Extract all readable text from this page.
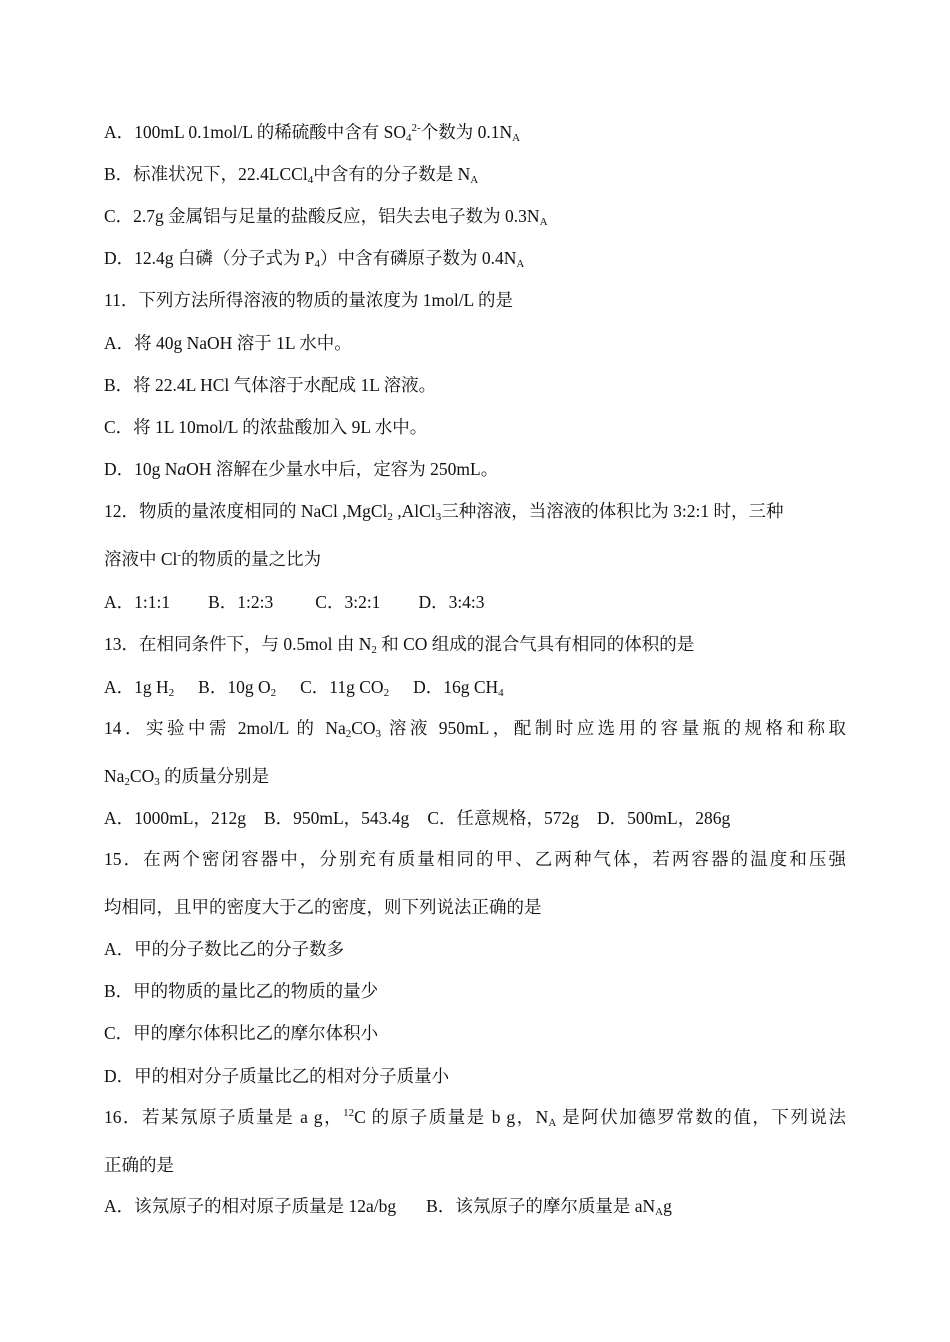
A．100mL 0.1mol/L 的稀硫酸中含有 $SO_4^{2-}$个数为 $0.1N_A$
B．标准状况下，22.4LCCl$_4$中含有的分子数是 $N_A$
C．2.7g 金属铝与足量的盐酸反应，铝失去电子数为 $0.3N_A$
D．12.4g 白磷（分子式为 $P_4$）中含有磷原子数为 $0.4N_A$
11．下列方法所得溶液的物质的量浓度为 1mol/L 的是
A．将 40g NaOH 溶于 1L 水中。
B．将 22.4L HCl 气体溶于水配成 1L 溶液。
C．将 1L 10mol/L 的浓盐酸加入 9L 水中。
D．10g NaOH 溶解在少量水中后，定容为 250mL。
12．物质的量浓度相同的 NaCl ,MgCl$_2$ ,AlCl$_3$三种溶液，当溶液的体积比为 3:2:1 时，三种
溶液中 Cl-的物质的量之比为
A．1:1:1 B．1:2:3 C．3:2:1 D．3:4:3
13．在相同条件下，与 0.5mol 由 $N_2$ 和 CO 组成的混合气具有相同的体积的是
A．1g $H_2$ B．10g $O_2$ C．11g $CO_2$ D．16g $CH_4$
14．实验中需 2mol/L 的 $Na_2CO_3$ 溶液 950mL，配制时应选用的容量瓶的规格和称取
$Na_2CO_3$ 的质量分别是
A．1000mL，212g B．950mL，543.4g C．任意规格，572g D．500mL，286g
15．在两个密闭容器中，分别充有质量相同的甲、乙两种气体，若两容器的温度和压强
均相同，且甲的密度大于乙的密度，则下列说法正确的是
A．甲的分子数比乙的分子数多
B．甲的物质的量比乙的物质的量少
C．甲的摩尔体积比乙的摩尔体积小
D．甲的相对分子质量比乙的相对分子质量小
16．若某氖原子质量是 a g，$^{12}$C 的原子质量是 b g，$N_A$ 是阿伏加德罗常数的值，下列说法
正确的是
A．该氖原子的相对原子质量是 12a/bg B．该氖原子的摩尔质量是 $aN_Ag$
